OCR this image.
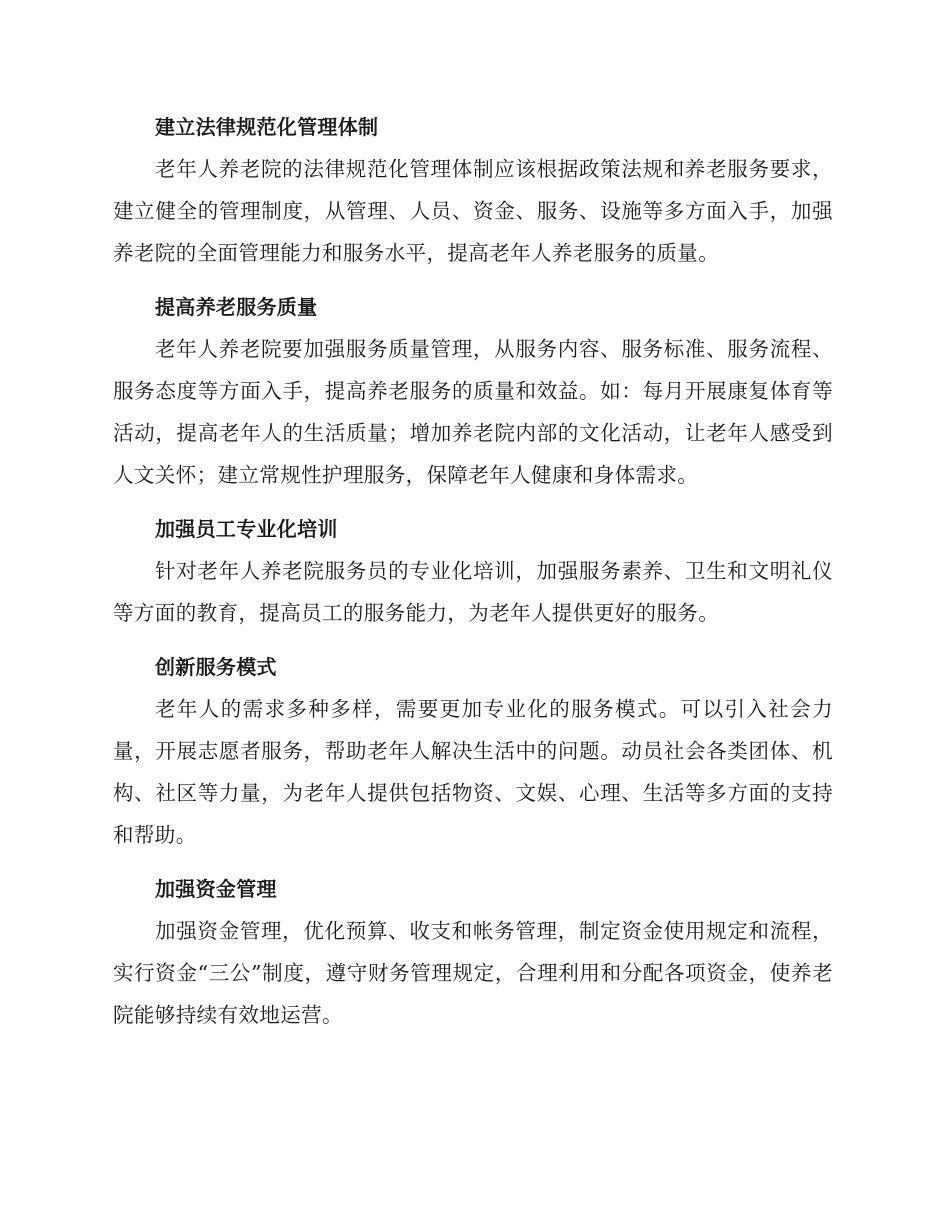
建立法律规范化管理体制

老年人养老院的法律规范化管理体制应该根据政策法规和养老服务要求，建立健全的管理制度，从管理、人员、资金、服务、设施等多方面入手，加强养老院的全面管理能力和服务水平，提高老年人养老服务的质量。

提高养老服务质量

老年人养老院要加强服务质量管理，从服务内容、服务标准、服务流程、服务态度等方面入手，提高养老服务的质量和效益。如：每月开展康复体育等活动，提高老年人的生活质量；增加养老院内部的文化活动，让老年人感受到人文关怀；建立常规性护理服务，保障老年人健康和身体需求。

加强员工专业化培训

针对老年人养老院服务员的专业化培训，加强服务素养、卫生和文明礼仪等方面的教育，提高员工的服务能力，为老年人提供更好的服务。

创新服务模式

老年人的需求多种多样，需要更加专业化的服务模式。可以引入社会力量，开展志愿者服务，帮助老年人解决生活中的问题。动员社会各类团体、机构、社区等力量，为老年人提供包括物资、文娱、心理、生活等多方面的支持和帮助。

加强资金管理

加强资金管理，优化预算、收支和帐务管理，制定资金使用规定和流程，实行资金“三公”制度，遵守财务管理规定，合理利用和分配各项资金，使养老院能够持续有效地运营。
